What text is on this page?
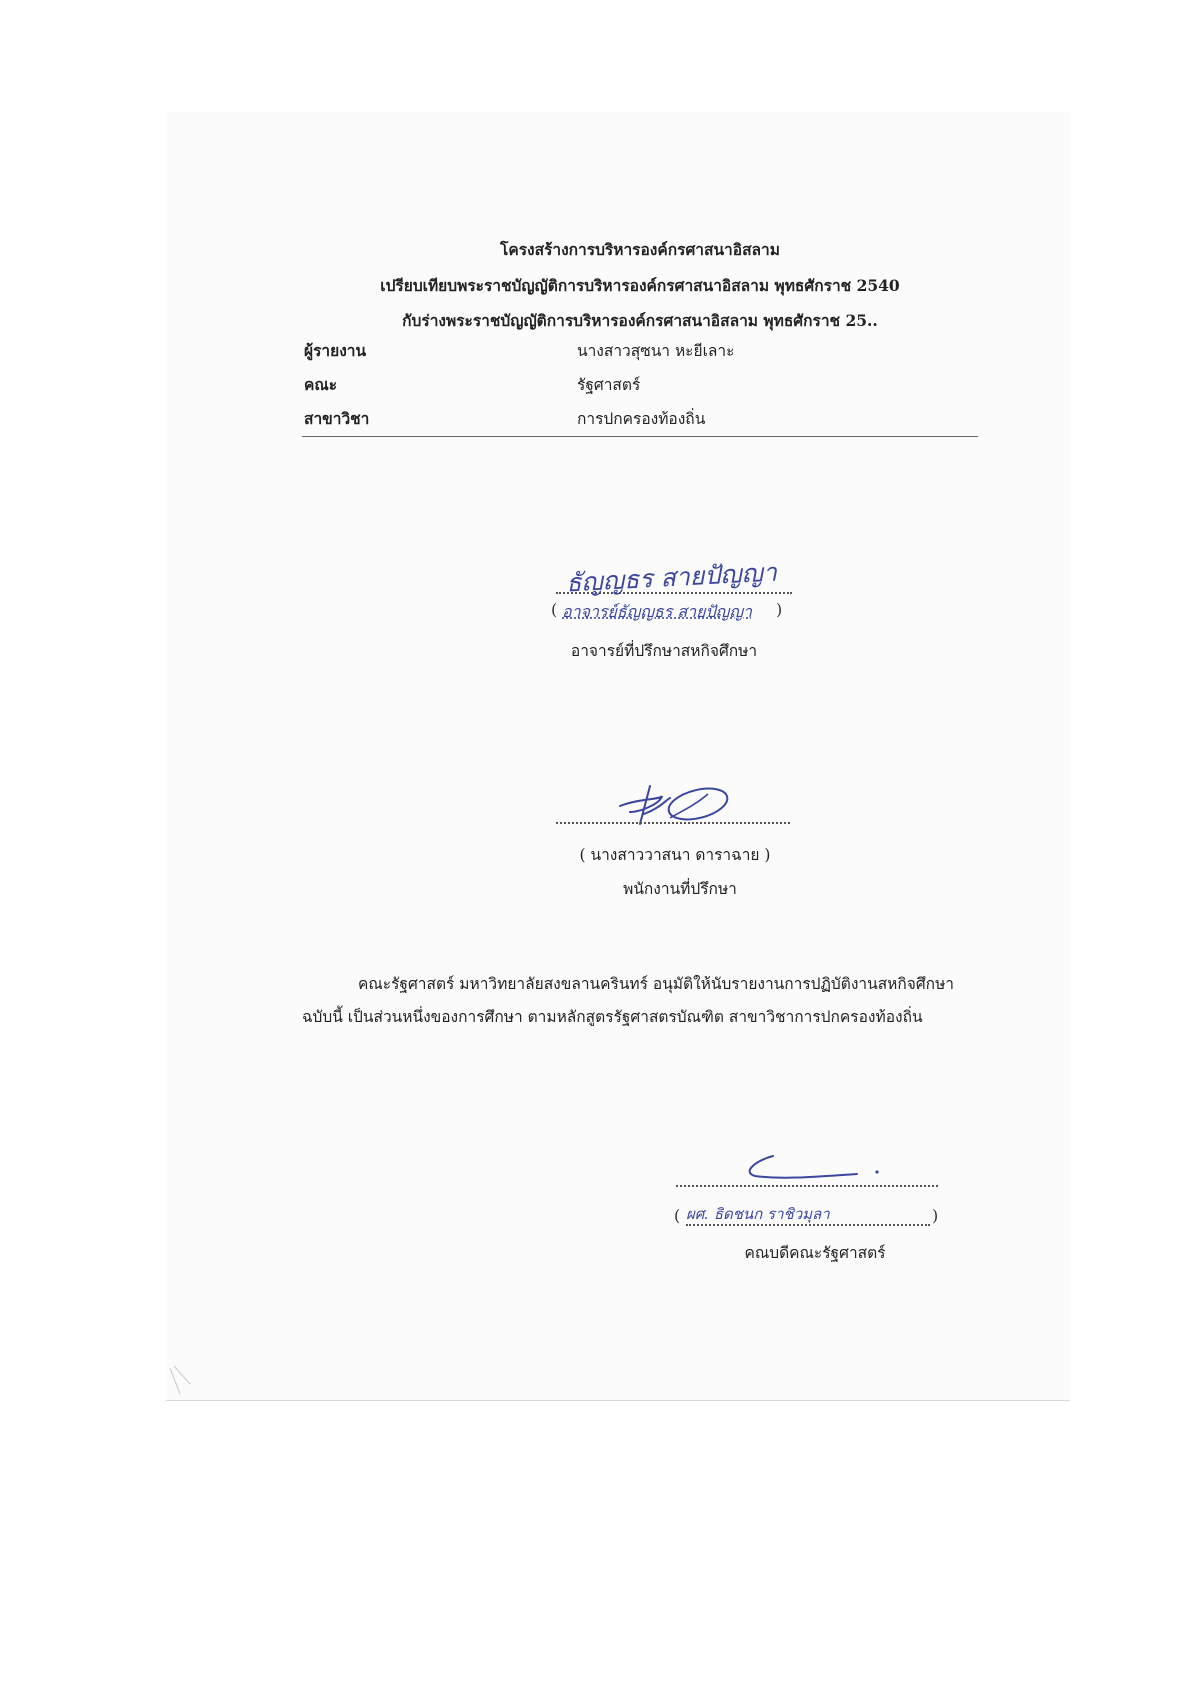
โครงสร้างการบริหารองค์กรศาสนาอิสลาม
เปรียบเทียบพระราชบัญญัติการบริหารองค์กรศาสนาอิสลาม พุทธศักราช 2540
กับร่างพระราชบัญญัติการบริหารองค์กรศาสนาอิสลาม พุทธศักราช 25..
ผู้รายงาน	นางสาวสุซนา หะยีเลาะ
คณะ	รัฐศาสตร์
สาขาวิชา	การปกครองท้องถิ่น
ธัญญธร สายปัญญา
( อาจารย์ธัญญธร สายปัญญา )
อาจารย์ที่ปรึกษาสหกิจศึกษา
( นางสาววาสนา ดาราฉาย )
พนักงานที่ปรึกษา

คณะรัฐศาสตร์ มหาวิทยาลัยสงขลานครินทร์ อนุมัติให้นับรายงานการปฏิบัติงานสหกิจศึกษา

ฉบับนี้ เป็นส่วนหนึ่งของการศึกษา ตามหลักสูตรรัฐศาสตรบัณฑิต สาขาวิชาการปกครองท้องถิ่น

( ผศ. ธิดชนก ราชิวมุลา	)
คณบดีคณะรัฐศาสตร์
